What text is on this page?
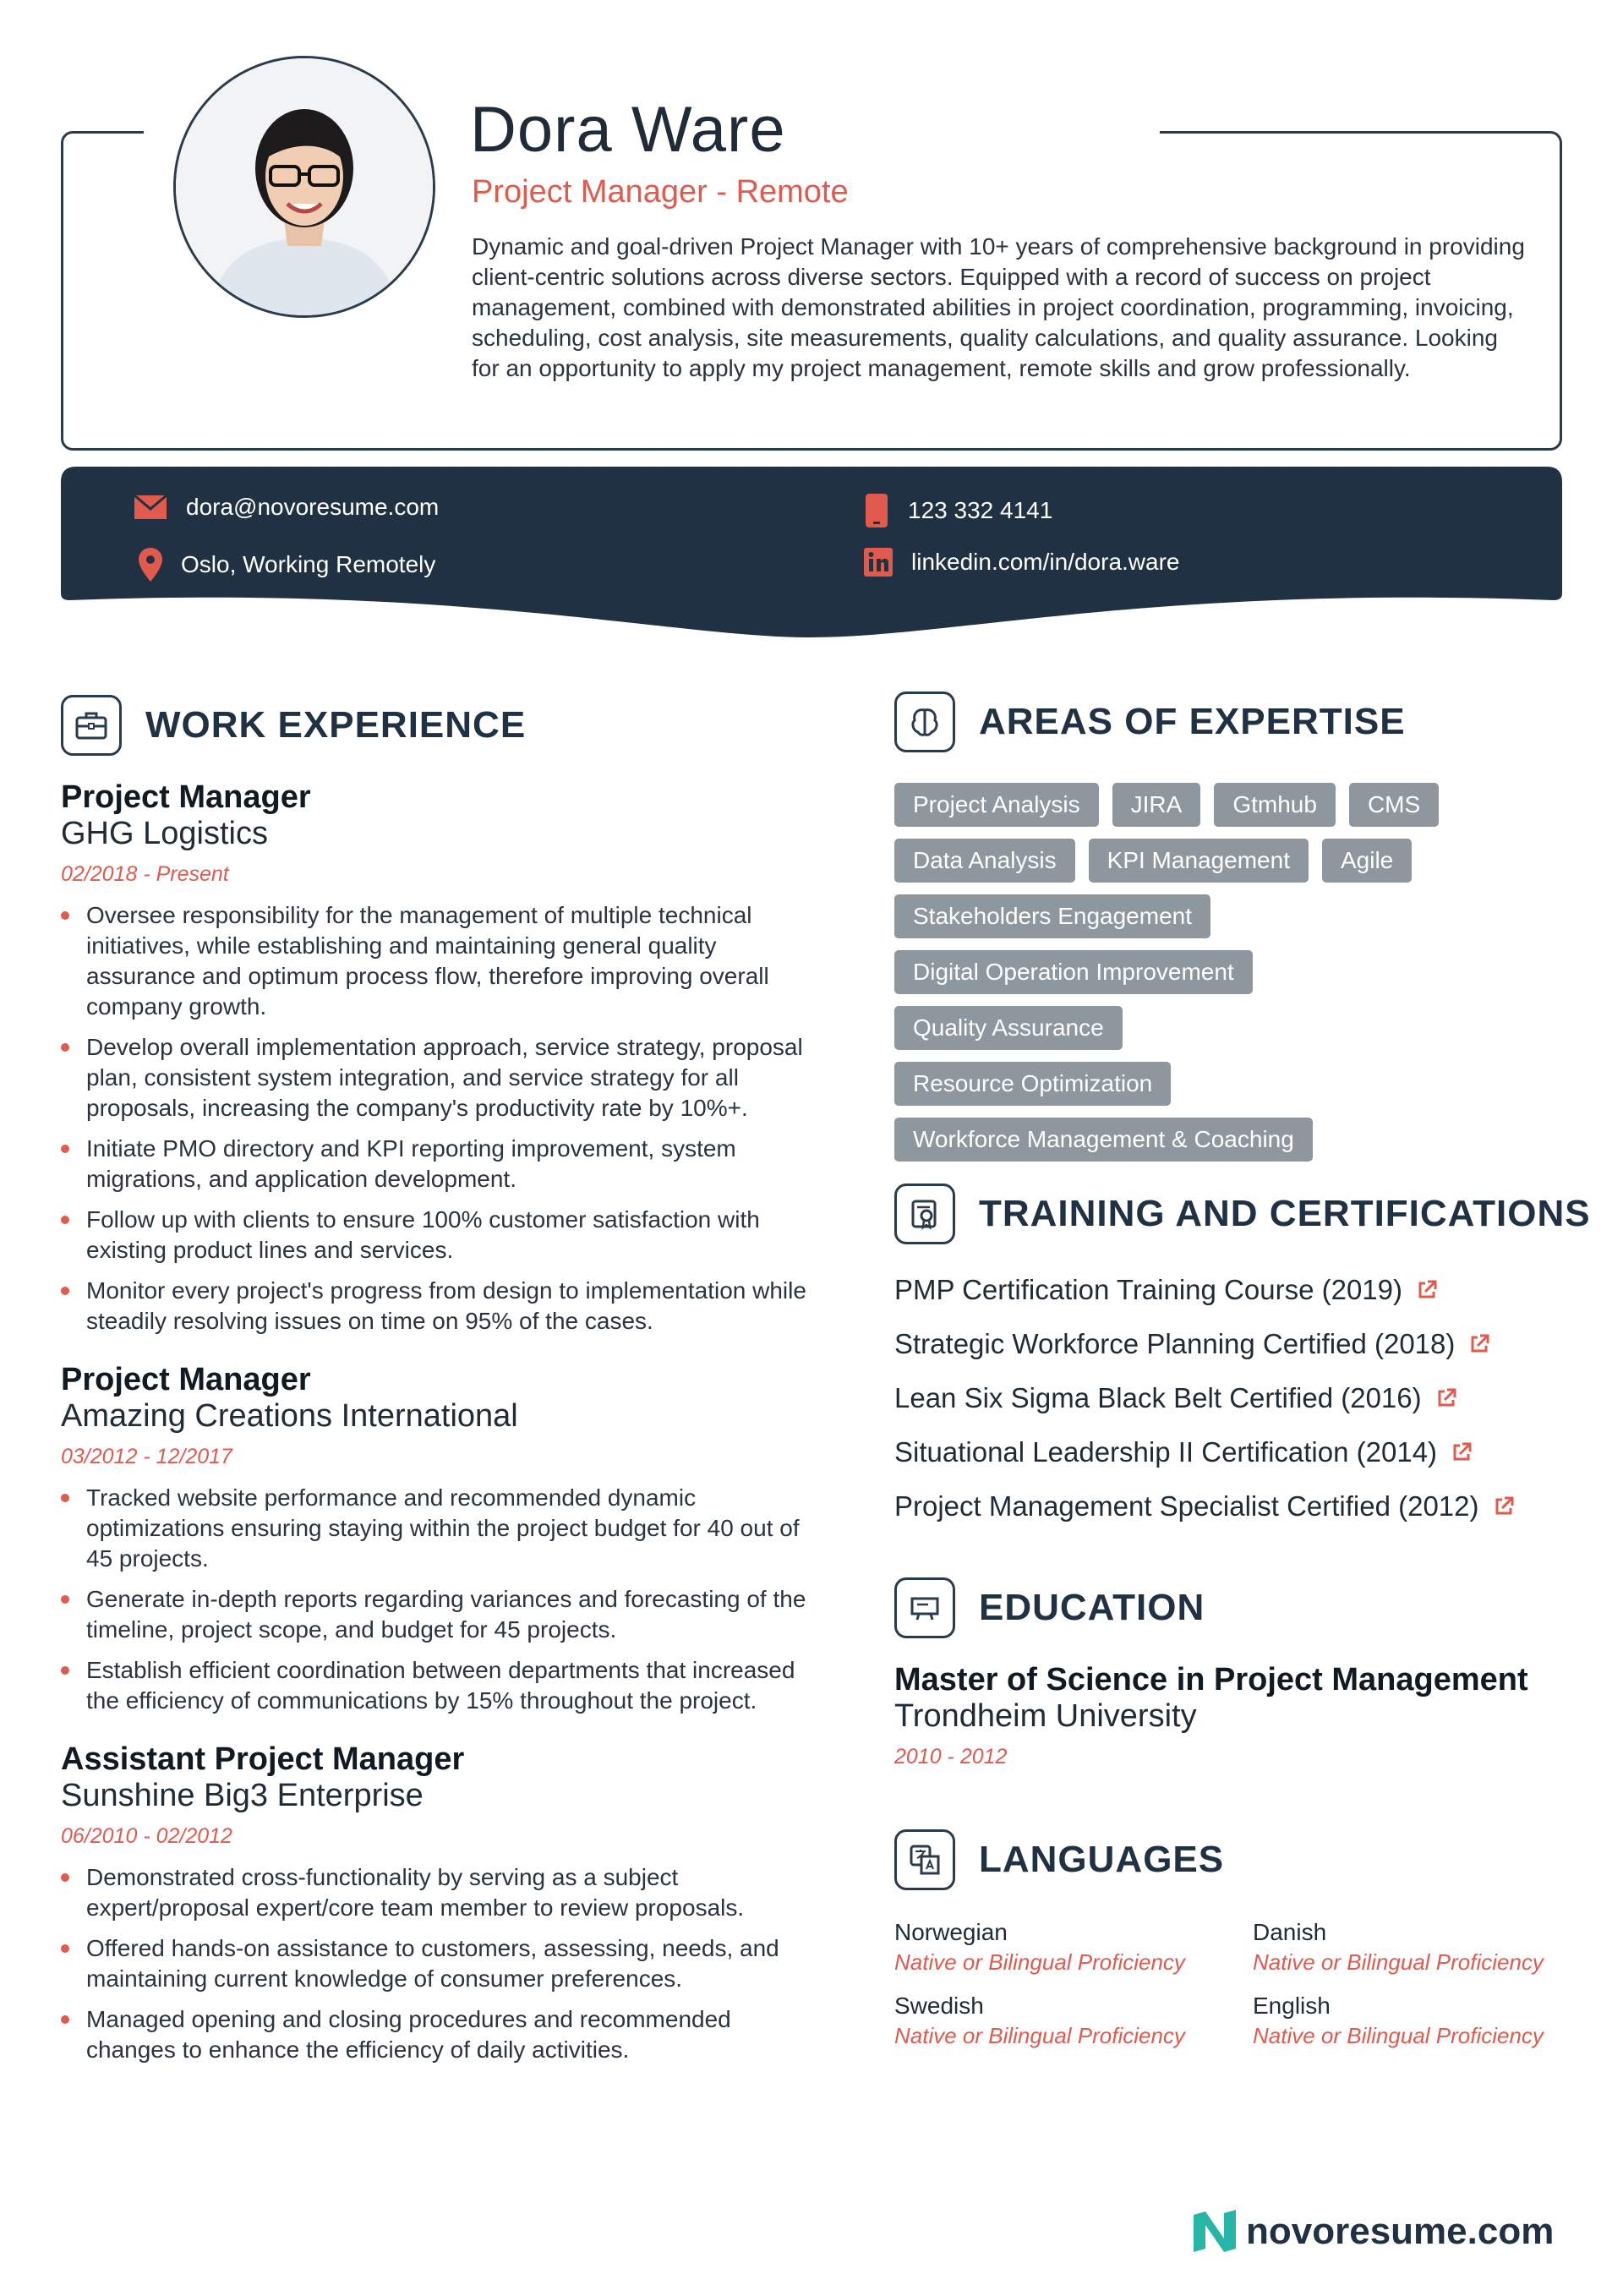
Dora Ware
Project Manager - Remote
Dynamic and goal-driven Project Manager with 10+ years of comprehensive background in providing client-centric solutions across diverse sectors. Equipped with a record of success on project management, combined with demonstrated abilities in project coordination, programming, invoicing, scheduling, cost analysis, site measurements, quality calculations, and quality assurance. Looking for an opportunity to apply my project management, remote skills and grow professionally.
dora@novoresume.com	123 332 4141
Oslo, Working Remotely	linkedin.com/in/dora.ware
WORK EXPERIENCE
Project Manager
GHG Logistics
02/2018 - Present
Oversee responsibility for the management of multiple technical initiatives, while establishing and maintaining general quality assurance and optimum process flow, therefore improving overall company growth.
Develop overall implementation approach, service strategy, proposal plan, consistent system integration, and service strategy for all proposals, increasing the company's productivity rate by 10%+.
Initiate PMO directory and KPI reporting improvement, system migrations, and application development.
Follow up with clients to ensure 100% customer satisfaction with existing product lines and services.
Monitor every project's progress from design to implementation while steadily resolving issues on time on 95% of the cases.
Project Manager
Amazing Creations International
03/2012 - 12/2017
Tracked website performance and recommended dynamic optimizations ensuring staying within the project budget for 40 out of 45 projects.
Generate in-depth reports regarding variances and forecasting of the timeline, project scope, and budget for 45 projects.
Establish efficient coordination between departments that increased the efficiency of communications by 15% throughout the project.
Assistant Project Manager
Sunshine Big3 Enterprise
06/2010 - 02/2012
Demonstrated cross-functionality by serving as a subject expert/proposal expert/core team member to review proposals.
Offered hands-on assistance to customers, assessing, needs, and maintaining current knowledge of consumer preferences.
Managed opening and closing procedures and recommended changes to enhance the efficiency of daily activities.
AREAS OF EXPERTISE
Project Analysis	JIRA	Gtmhub	CMS
Data Analysis	KPI Management	Agile
Stakeholders Engagement
Digital Operation Improvement
Quality Assurance
Resource Optimization
Workforce Management & Coaching
TRAINING AND CERTIFICATIONS
PMP Certification Training Course (2019)
Strategic Workforce Planning Certified (2018)
Lean Six Sigma Black Belt Certified (2016)
Situational Leadership II Certification (2014)
Project Management Specialist Certified (2012)
EDUCATION
Master of Science in Project Management
Trondheim University
2010 - 2012
LANGUAGES
Norwegian
Native or Bilingual Proficiency
Danish
Native or Bilingual Proficiency
Swedish
Native or Bilingual Proficiency
English
Native or Bilingual Proficiency
novoresume.com
